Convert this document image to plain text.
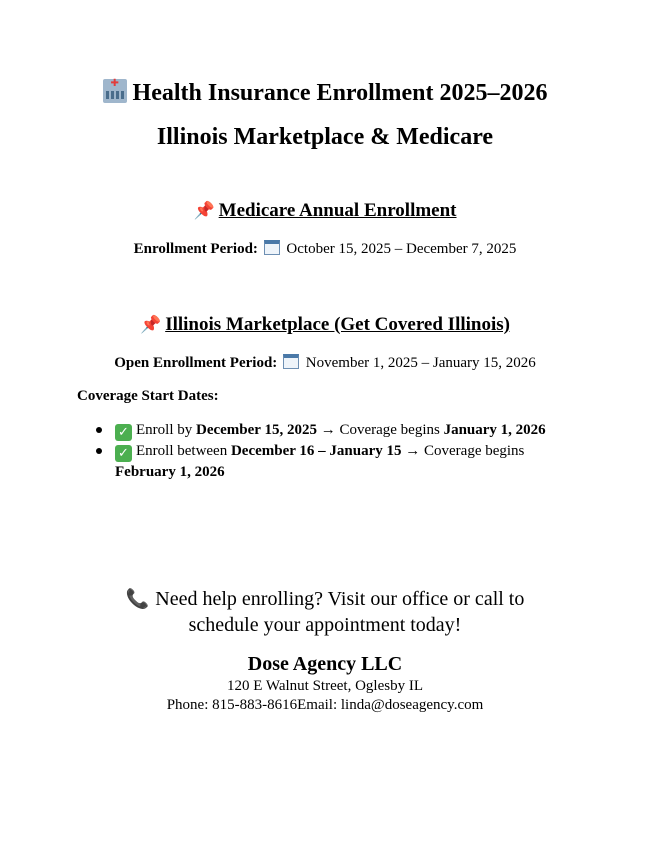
✚ Health Insurance Enrollment 2025–2026

Illinois Marketplace & Medicare

📌 Medicare Annual Enrollment

Enrollment Period: October 15, 2025 – December 7, 2025

📌 Illinois Marketplace (Get Covered Illinois)

Open Enrollment Period: November 1, 2025 – January 15, 2026

Coverage Start Dates:
✓ Enroll by December 15, 2025 → Coverage begins January 1, 2026
✓ Enroll between December 16 – January 15 → Coverage begins February 1, 2026
📞 Need help enrolling? Visit our office or call to
schedule your appointment today!
Dose Agency LLC
120 E Walnut Street, Oglesby IL
Phone: 815-883-8616Email: linda@doseagency.com
